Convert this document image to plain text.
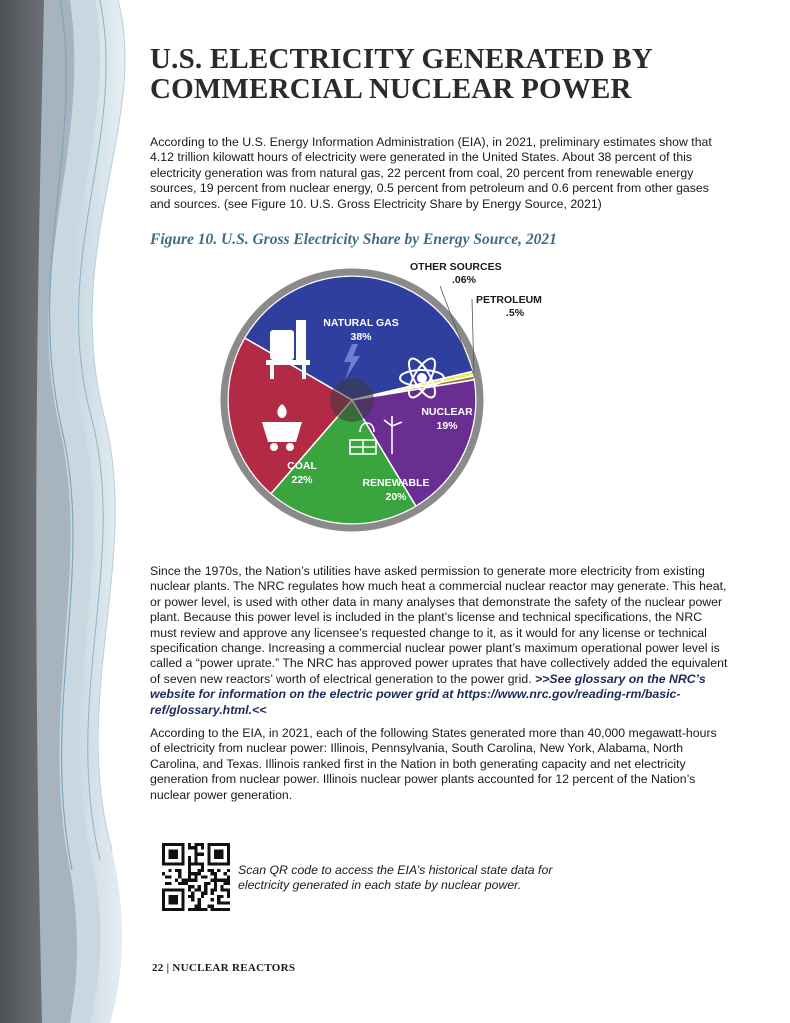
U.S. ELECTRICITY GENERATED BY
COMMERCIAL NUCLEAR POWER

According to the U.S. Energy Information Administration (EIA), in 2021, preliminary estimates show that 4.12 trillion kilowatt hours of electricity were generated in the United States. About 38 percent of this electricity generation was from natural gas, 22 percent from coal, 20 percent from renewable energy sources, 19 percent from nuclear energy, 0.5 percent from petroleum and 0.6 percent from other gases and sources. (see Figure 10. U.S. Gross Electricity Share by Energy Source, 2021)

Figure 10. U.S. Gross Electricity Share by Energy Source, 2021

NATURAL GAS
38%
OTHER SOURCES
.06%
PETROLEUM
.5%
NUCLEAR
19%
RENEWABLE
20%
COAL
22%

Since the 1970s, the Nation’s utilities have asked permission to generate more electricity from existing nuclear plants. The NRC regulates how much heat a commercial nuclear reactor may generate. This heat, or power level, is used with other data in many analyses that demonstrate the safety of the nuclear power plant. Because this power level is included in the plant’s license and technical specifications, the NRC must review and approve any licensee’s requested change to it, as it would for any license or technical specification change. Increasing a commercial nuclear power plant’s maximum operational power level is called a “power uprate.” The NRC has approved power uprates that have collectively added the equivalent of seven new reactors’ worth of electrical generation to the power grid. >>See glossary on the NRC’s website for information on the electric power grid at https://www.nrc.gov/reading-rm/basic-ref/glossary.html.<<

According to the EIA, in 2021, each of the following States generated more than 40,000 megawatt-hours of electricity from nuclear power: Illinois, Pennsylvania, South Carolina, New York, Alabama, North Carolina, and Texas. Illinois ranked first in the Nation in both generating capacity and net electricity generation from nuclear power. Illinois nuclear power plants accounted for 12 percent of the Nation’s nuclear power generation.

Scan QR code to access the EIA’s historical state data for electricity generated in each state by nuclear power.

22 | NUCLEAR REACTORS
